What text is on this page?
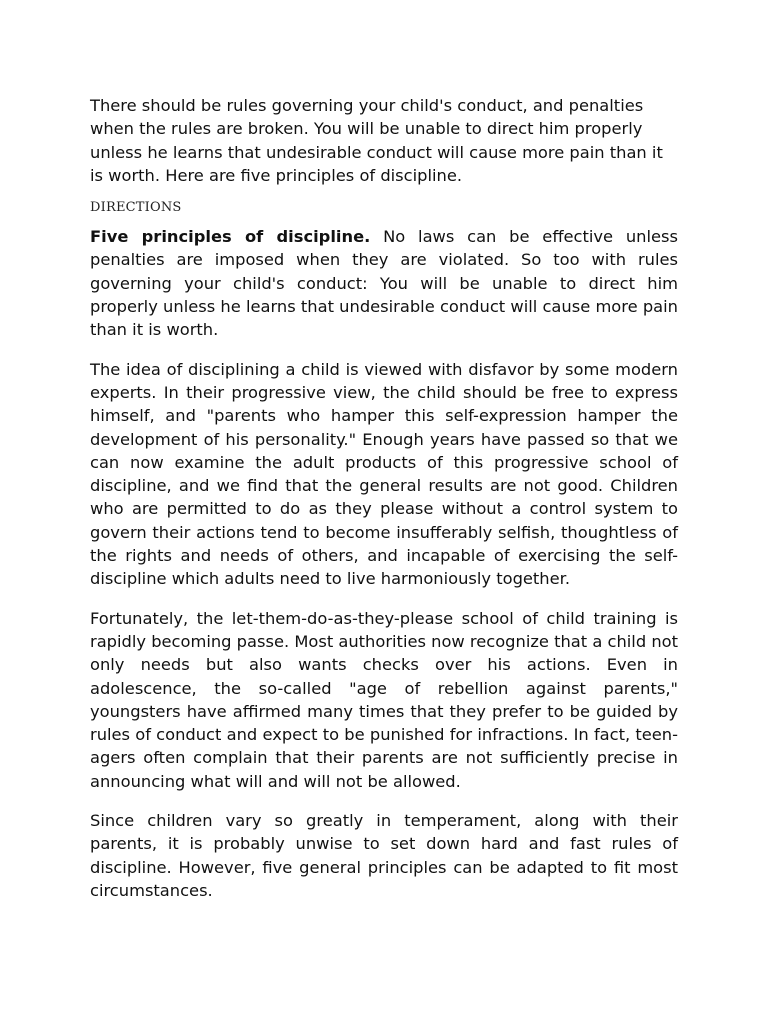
There should be rules governing your child's conduct, and penalties when the rules are broken. You will be unable to direct him properly unless he learns that undesirable conduct will cause more pain than it is worth. Here are five principles of discipline.

DIRECTIONS

Five principles of discipline. No laws can be effective unless penalties are imposed when they are violated. So too with rules governing your child's conduct: You will be unable to direct him properly unless he learns that undesirable conduct will cause more pain than it is worth.

The idea of disciplining a child is viewed with disfavor by some modern experts. In their progressive view, the child should be free to express himself, and "parents who hamper this self-expression hamper the development of his personality." Enough years have passed so that we can now examine the adult products of this progressive school of discipline, and we find that the general results are not good. Children who are permitted to do as they please without a control system to govern their actions tend to become insufferably selfish, thoughtless of the rights and needs of others, and incapable of exercising the self-discipline which adults need to live harmoniously together.

Fortunately, the let-them-do-as-they-please school of child training is rapidly becoming passe. Most authorities now recognize that a child not only needs but also wants checks over his actions. Even in adolescence, the so-called "age of rebellion against parents," youngsters have affirmed many times that they prefer to be guided by rules of conduct and expect to be punished for infractions. In fact, teen-agers often complain that their parents are not sufficiently precise in announcing what will and will not be allowed.

Since children vary so greatly in temperament, along with their parents, it is probably unwise to set down hard and fast rules of discipline. However, five general principles can be adapted to fit most circumstances.
